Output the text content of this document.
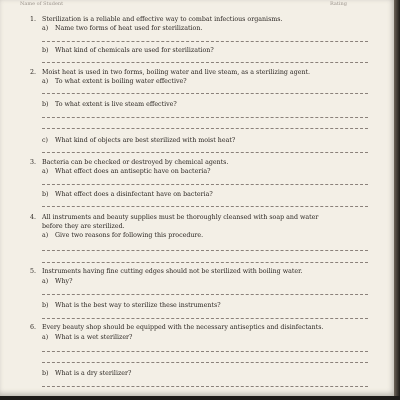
Name of Student	Rating
1. Sterilization is a reliable and effective way to combat infectious organisms.
a) Name two forms of heat used for sterilization.
b) What kind of chemicals are used for sterilization?
2. Moist heat is used in two forms, boiling water and live steam, as a sterilizing agent.
a) To what extent is boiling water effective?
b) To what extent is live steam effective?
c) What kind of objects are best sterilized with moist heat?
3. Bacteria can be checked or destroyed by chemical agents.
a) What effect does an antiseptic have on bacteria?
b) What effect does a disinfectant have on bacteria?
4. All instruments and beauty supplies must be thoroughly cleansed with soap and water
before they are sterilized.
a) Give two reasons for following this procedure.
5. Instruments having fine cutting edges should not be sterilized with boiling water.
a) Why?
b) What is the best way to sterilize these instruments?
6. Every beauty shop should be equipped with the necessary antiseptics and disinfectants.
a) What is a wet sterilizer?
b) What is a dry sterilizer?
